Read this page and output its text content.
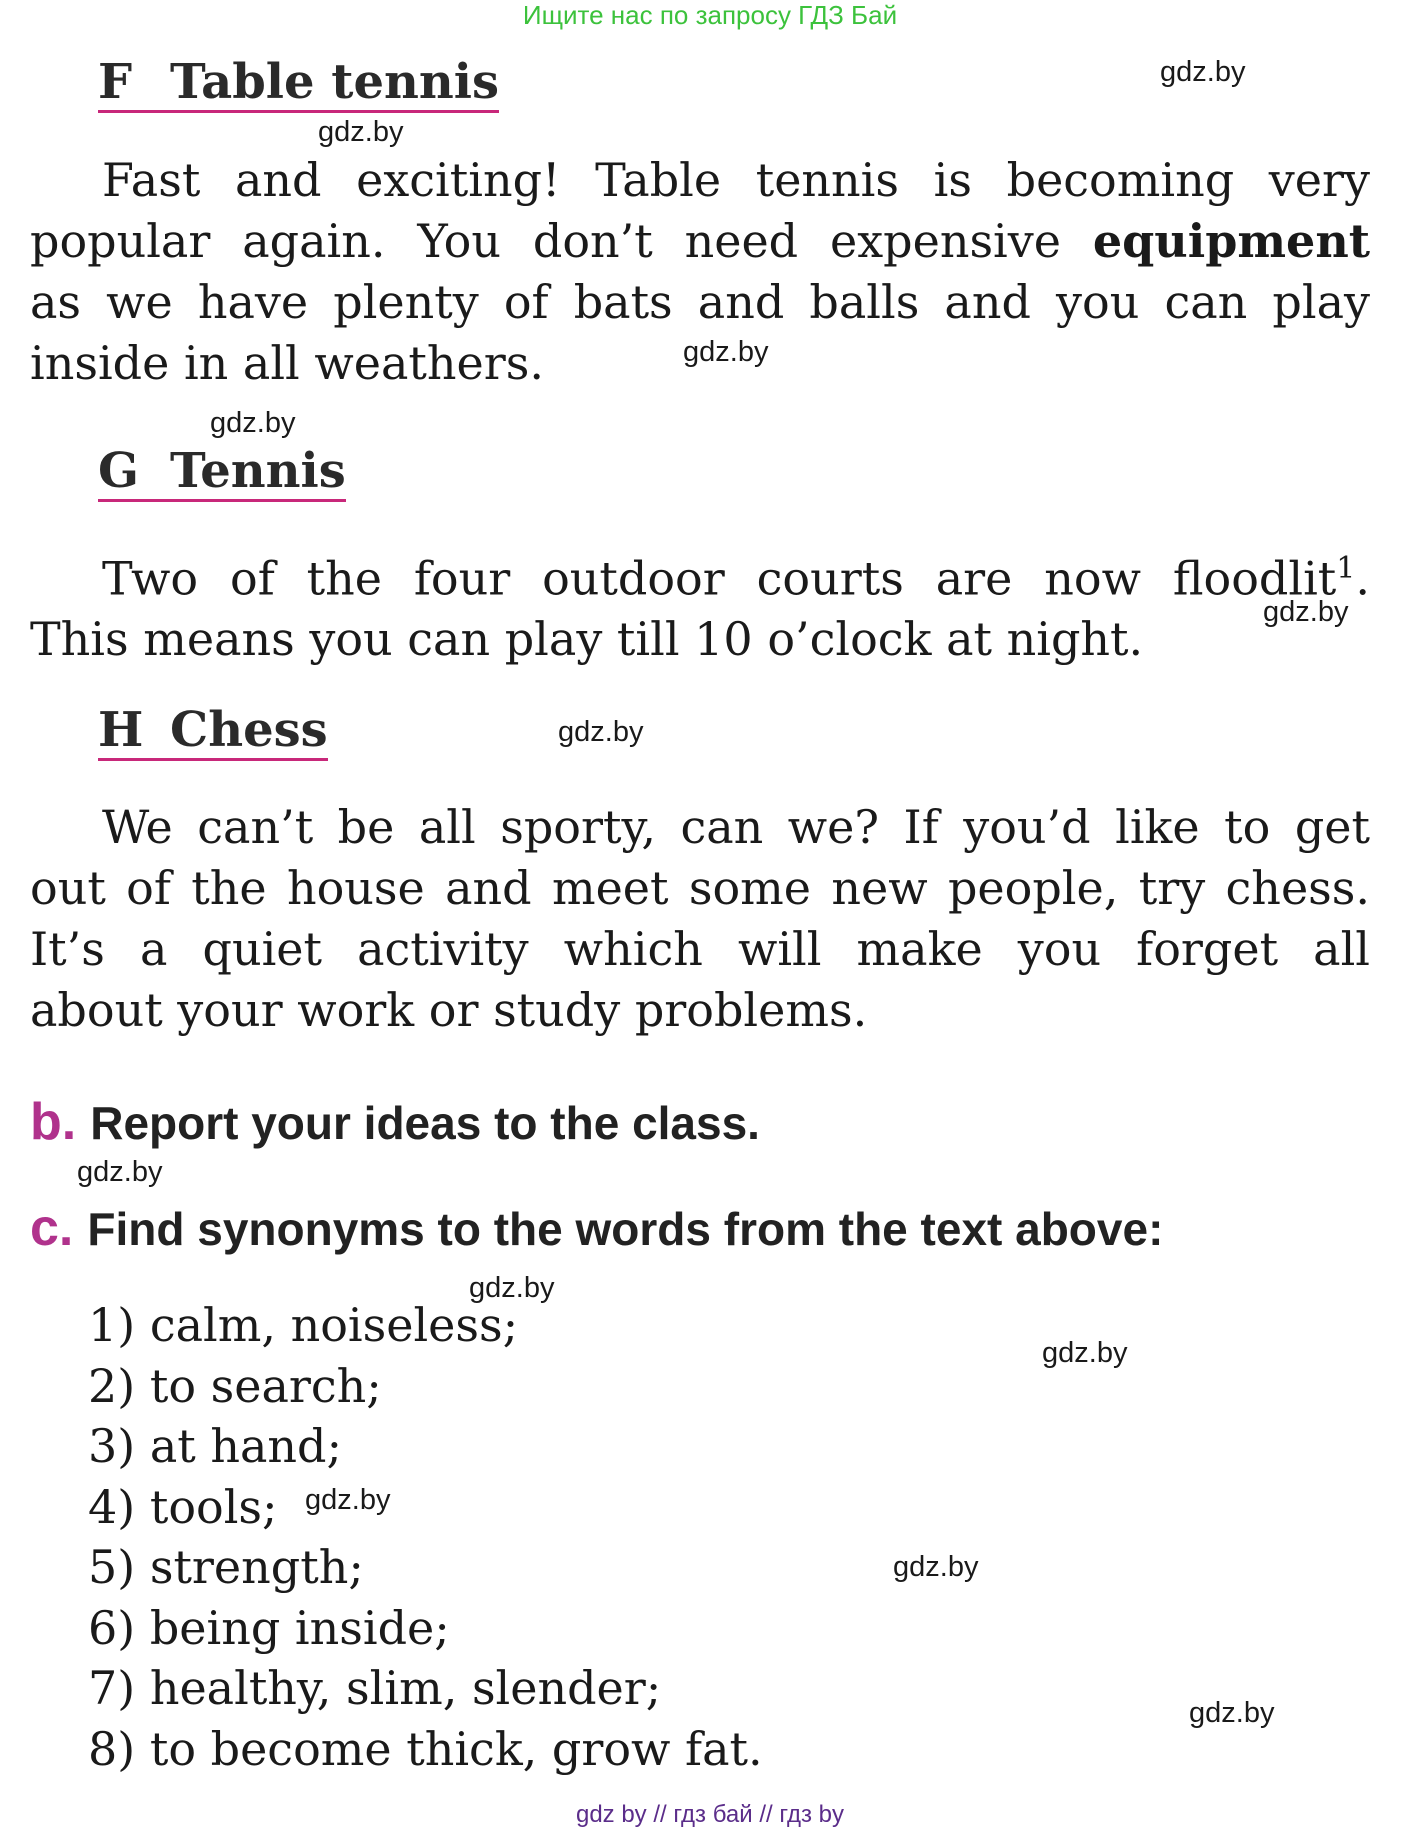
Ищите нас по запросу ГДЗ Бай
F Table tennis
Fast and exciting! Table tennis is becoming very
popular again. You don’t need expensive equipment
as we have plenty of bats and balls and you can play
inside in all weathers.
G Tennis
Two of the four outdoor courts are now floodlit$^1$.
This means you can play till 10 o’clock at night.
H Chess
We can’t be all sporty, can we? If you’d like to get
out of the house and meet some new people, try chess.
It’s a quiet activity which will make you forget all
about your work or study problems.
b. Report your ideas to the class.
c. Find synonyms to the words from the text above:
1) calm, noiseless;
2) to search;
3) at hand;
4) tools;
5) strength;
6) being inside;
7) healthy, slim, slender;
8) to become thick, grow fat.
gdz.by
gdz.by
gdz.by
gdz.by
gdz.by
gdz.by
gdz.by
gdz.by
gdz.by
gdz.by
gdz.by
gdz.by
gdz by // гдз бай // гдз by
